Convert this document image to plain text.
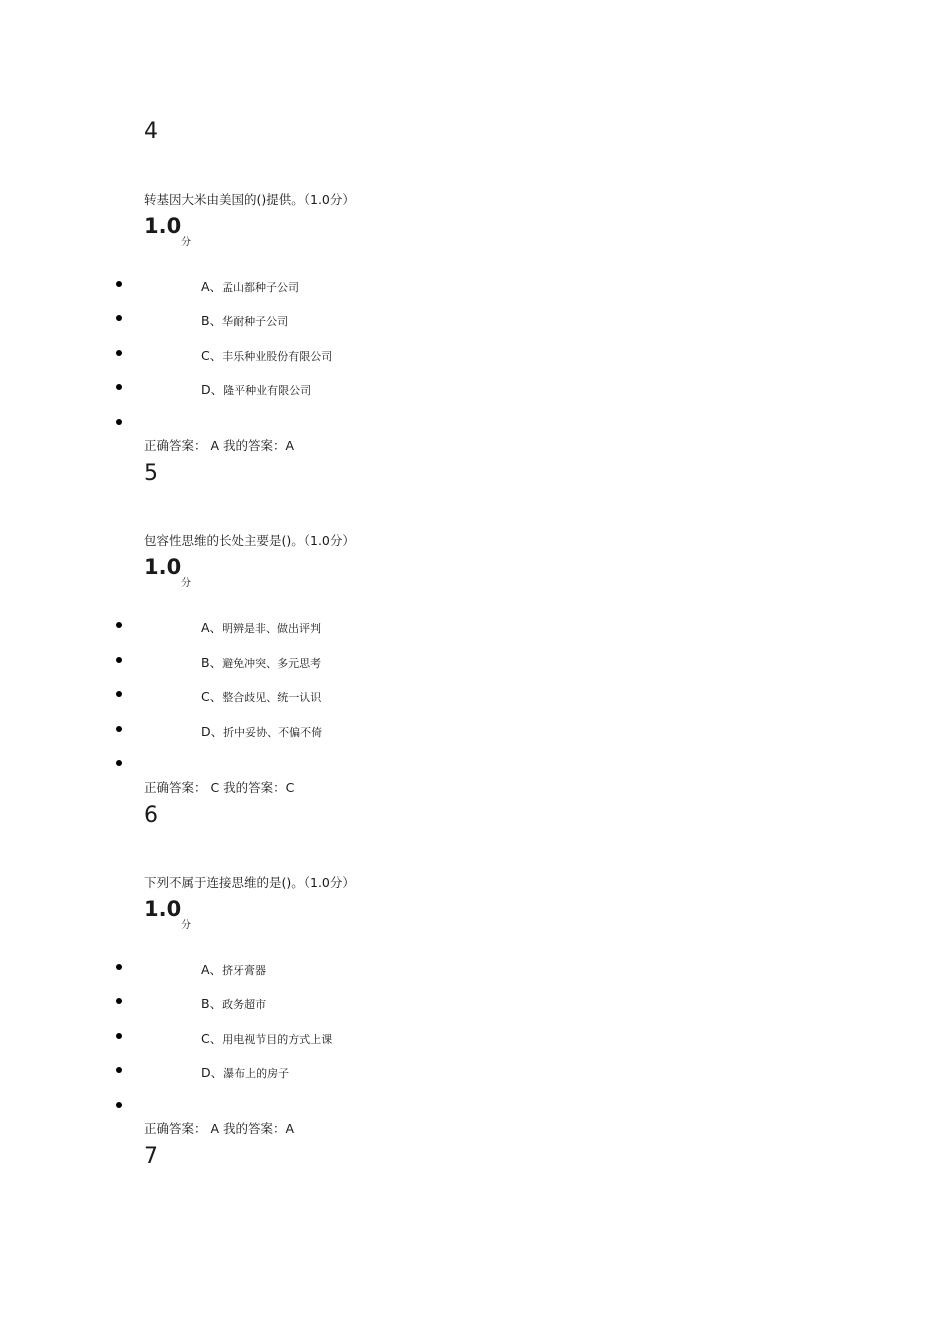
4
转基因大米由美国的()提供。（1.0分）
1.0
分
A、孟山都种子公司
B、华耐种子公司
C、丰乐种业股份有限公司
D、隆平种业有限公司
正确答案： A 我的答案：A
5
包容性思维的长处主要是()。（1.0分）
1.0
分
A、明辨是非、做出评判
B、避免冲突、多元思考
C、整合歧见、统一认识
D、折中妥协、不偏不倚
正确答案： C 我的答案：C
6
下列不属于连接思维的是()。（1.0分）
1.0
分
A、挤牙膏器
B、政务超市
C、用电视节目的方式上课
D、瀑布上的房子
正确答案： A 我的答案：A
7
